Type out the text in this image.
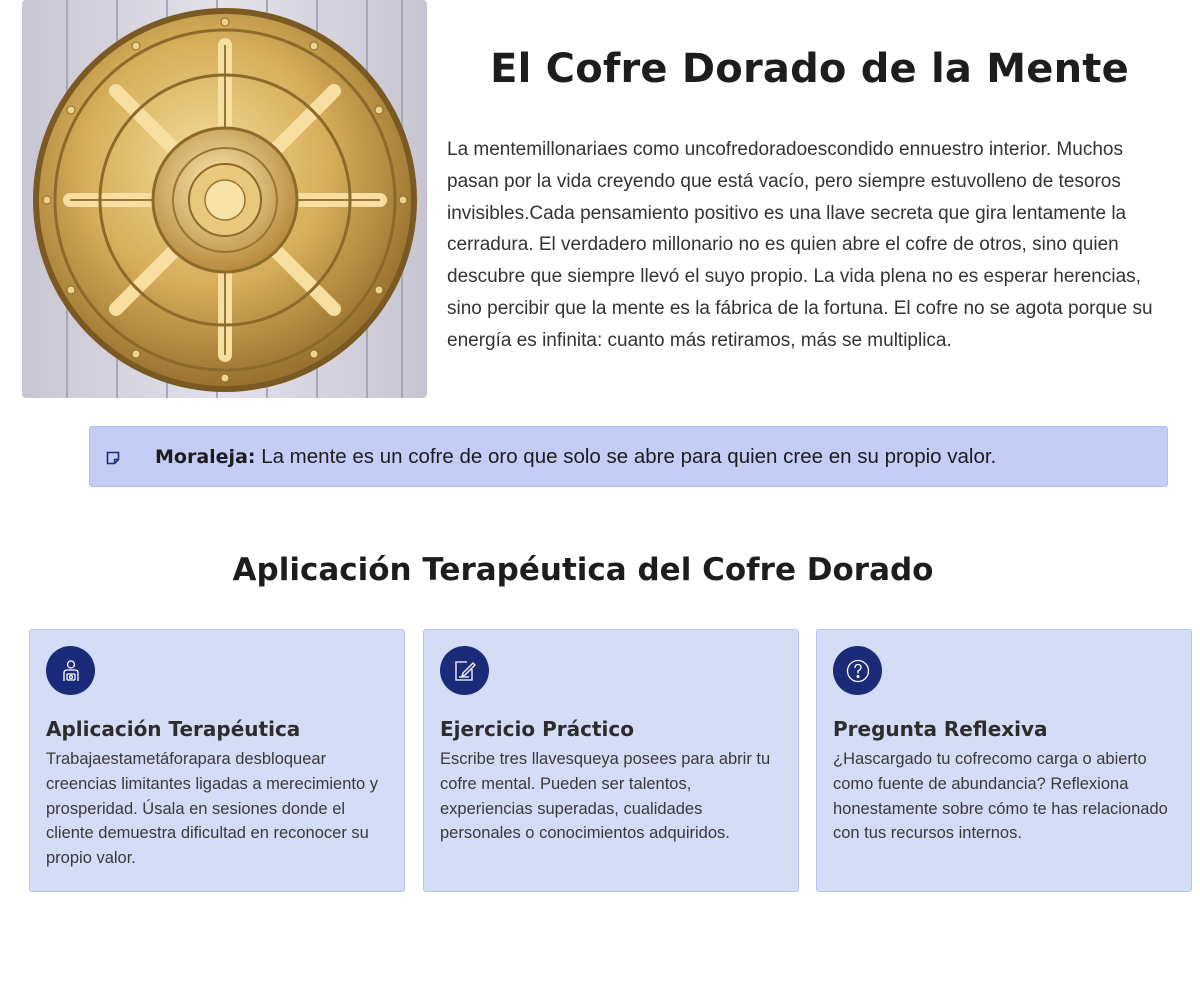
El Cofre Dorado de la Mente

La mentemillonariaes como uncofredoradoescondido ennuestro interior. Muchos pasan por la vida creyendo que está vacío, pero siempre estuvolleno de tesoros invisibles.Cada pensamiento positivo es una llave secreta que gira lentamente la cerradura. El verdadero millonario no es quien abre el cofre de otros, sino quien descubre que siempre llevó el suyo propio. La vida plena no es esperar herencias, sino percibir que la mente es la fábrica de la fortuna. El cofre no se agota porque su energía es infinita: cuanto más retiramos, más se multiplica.

Moraleja: La mente es un cofre de oro que solo se abre para quien cree en su propio valor.
Aplicación Terapéutica del Cofre Dorado
Aplicación Terapéutica

Trabajaestametáforapara desbloquear creencias limitantes ligadas a merecimiento y prosperidad. Úsala en sesiones donde el cliente demuestra dificultad en reconocer su propio valor.

Ejercicio Práctico

Escribe tres llavesqueya posees para abrir tu cofre mental. Pueden ser talentos, experiencias superadas, cualidades personales o conocimientos adquiridos.

Pregunta Reflexiva

¿Hascargado tu cofrecomo carga o abierto como fuente de abundancia? Reflexiona honestamente sobre cómo te has relacionado con tus recursos internos.
